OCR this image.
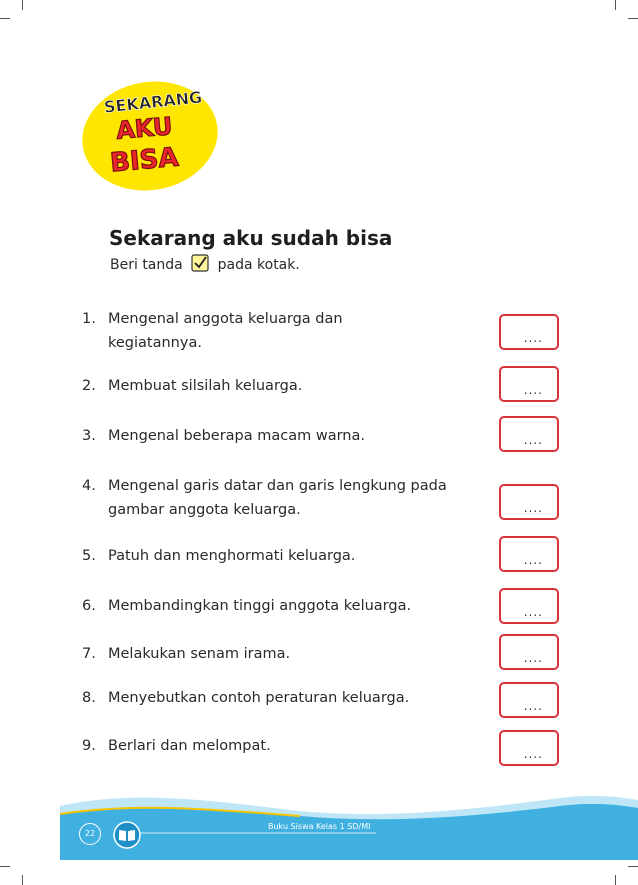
SEKARANG
AKU
BISA
Sekarang aku sudah bisa
Beri tanda pada kotak.
1. Mengenal anggota keluarga dan kegiatannya.	....
2. Membuat silsilah keluarga.	....
3. Mengenal beberapa macam warna.	....
4. Mengenal garis datar dan garis lengkung pada gambar anggota keluarga.	....
5. Patuh dan menghormati keluarga.	....
6. Membandingkan tinggi anggota keluarga.	....
7. Melakukan senam irama.	....
8. Menyebutkan contoh peraturan keluarga.	....
9. Berlari dan melompat.	....
22
Buku Siswa Kelas 1 SD/MI
